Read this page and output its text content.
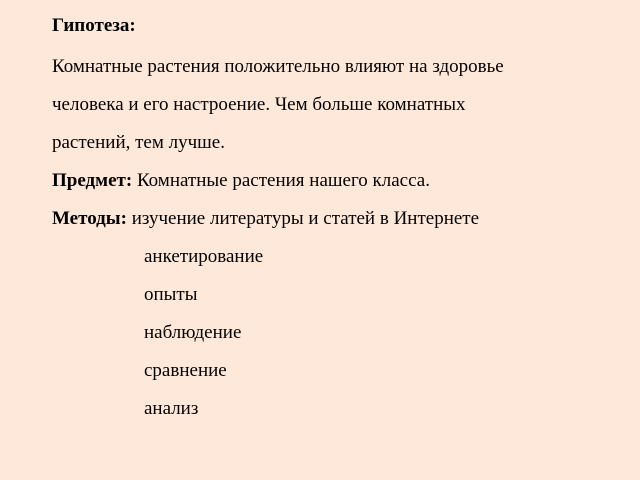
Гипотеза:
Комнатные растения положительно влияют на здоровье
человека и его настроение. Чем больше комнатных
растений, тем лучше.
Предмет: Комнатные растения нашего класса.
Методы: изучение литературы и статей в Интернете
анкетирование
опыты
наблюдение
сравнение
анализ
